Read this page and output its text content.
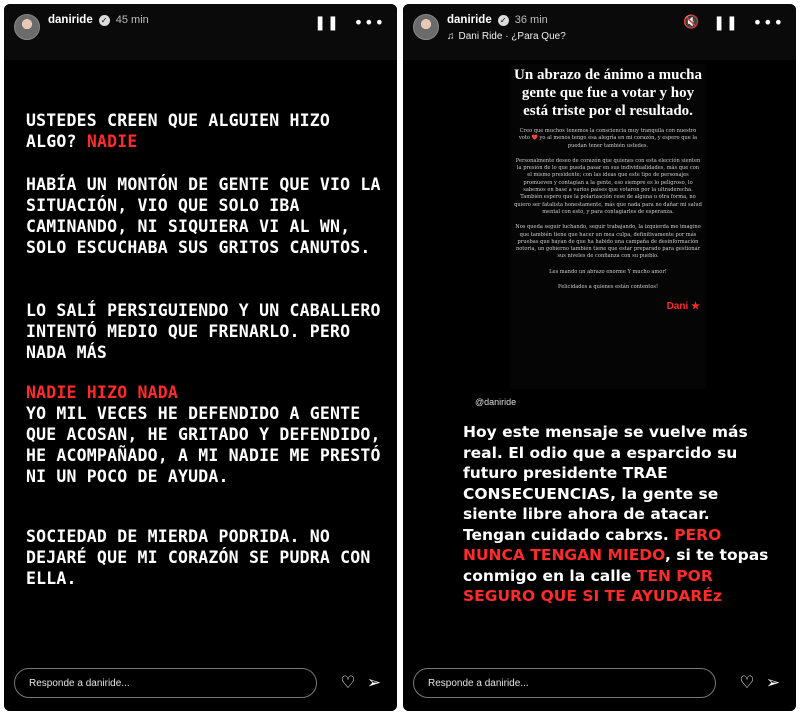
daniride ✓ 45 min	❚❚ •••
USTEDES CREEN QUE ALGUIEN HIZO
ALGO? NADIE
HABÍA UN MONTÓN DE GENTE QUE VIO LA SITUACIÓN, VIO QUE SOLO IBA CAMINANDO, NI SIQUIERA VI AL WN, SOLO ESCUCHABA SUS GRITOS CANUTOS.
LO SALÍ PERSIGUIENDO Y UN CABALLERO INTENTÓ MEDIO QUE FRENARLO. PERO NADA MÁS
NADIE HIZO NADA
YO MIL VECES HE DEFENDIDO A GENTE QUE ACOSAN, HE GRITADO Y DEFENDIDO, HE ACOMPAÑADO, A MI NADIE ME PRESTÓ NI UN POCO DE AYUDA.
SOCIEDAD DE MIERDA PODRIDA. NO DEJARÉ QUE MI CORAZÓN SE PUDRA CON ELLA.
Responde a daniride...	♡ ➢
daniride ✓ 36 min
♫ Dani Ride · ¿Para Que?
🔇 ❚❚ •••
Un abrazo de ánimo a mucha gente que fue a votar y hoy está triste por el resultado.
Creo que muchos tenemos la consciencia muy tranquila con nuestro voto ❤️ yo al menos tengo esa alegría en mi corazón, y espero que la puedan tener también ustedes.
Personalmente deseo de corazón que quienes con esta elección sienten la presión de lo que pueda pasar en sus individualidades, más que con el mismo presidente; con las ideas que este tipo de personajes promueven y contagian a la gente, eso siempre es lo peligroso, lo sabemos en base a varios países que votaron por la ultraderecha. También espero que la polarización cese de alguna u otra forma, no quiero ser fatalista honestamente, más que nada para no dañar mi salud mental con esto, y para contagiarles de esperanza.
Nos queda seguir luchando, seguir trabajando, la izquierda me imagino que también tiene que hacer un mea culpa, definitivamente por más pruebas que hayan de que ha habido una campaña de desinformación notoria, un gobierno también tiene que estar preparado para gestionar sus niveles de confianza con su pueblo.
Les mando un abrazo enorme Y mucho amor!
Felicidades a quienes están contentos!
Dani ★
@daniride
Hoy este mensaje se vuelve más real. El odio que a esparcido su futuro presidente TRAE CONSECUENCIAS, la gente se siente libre ahora de atacar. Tengan cuidado cabrxs. PERO NUNCA TENGAN MIEDO, si te topas conmigo en la calle TEN POR SEGURO QUE SI TE AYUDARÉz
Responde a daniride...	♡ ➢
